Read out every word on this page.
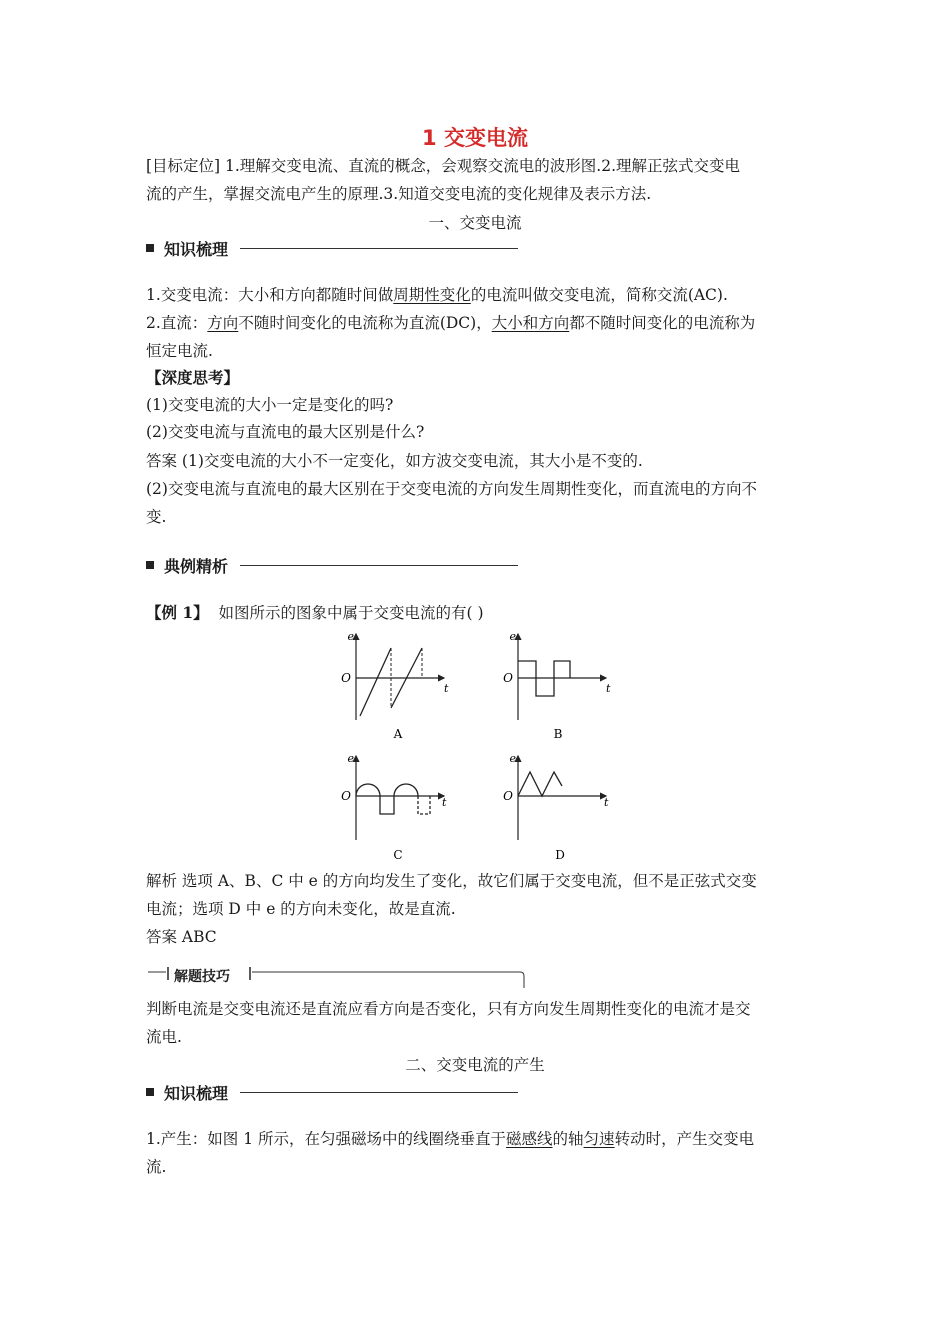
1 交变电流
[目标定位] 1.理解交变电流、直流的概念，会观察交流电的波形图.2.理解正弦式交变电
流的产生，掌握交流电产生的原理.3.知道交变电流的变化规律及表示方法.
一、交变电流
知识梳理
1.交变电流：大小和方向都随时间做周期性变化的电流叫做交变电流，简称交流(AC).
2.直流：方向不随时间变化的电流称为直流(DC)，大小和方向都不随时间变化的电流称为
恒定电流.
【深度思考】
(1)交变电流的大小一定是变化的吗?
(2)交变电流与直流电的最大区别是什么?
答案 (1)交变电流的大小不一定变化，如方波交变电流，其大小是不变的.
(2)交变电流与直流电的最大区别在于交变电流的方向发生周期性变化，而直流电的方向不
变.
典例精析
【例 1】 如图所示的图象中属于交变电流的有( )
e
O
t
A
e
O
t
B
e
O	t
C
e
O	t
D
解析 选项 A、B、C 中 e 的方向均发生了变化，故它们属于交变电流，但不是正弦式交变
电流；选项 D 中 e 的方向未变化，故是直流.
答案 ABC
解题技巧
判断电流是交变电流还是直流应看方向是否变化，只有方向发生周期性变化的电流才是交
流电.
二、交变电流的产生
知识梳理
1.产生：如图 1 所示，在匀强磁场中的线圈绕垂直于磁感线的轴匀速转动时，产生交变电
流.
